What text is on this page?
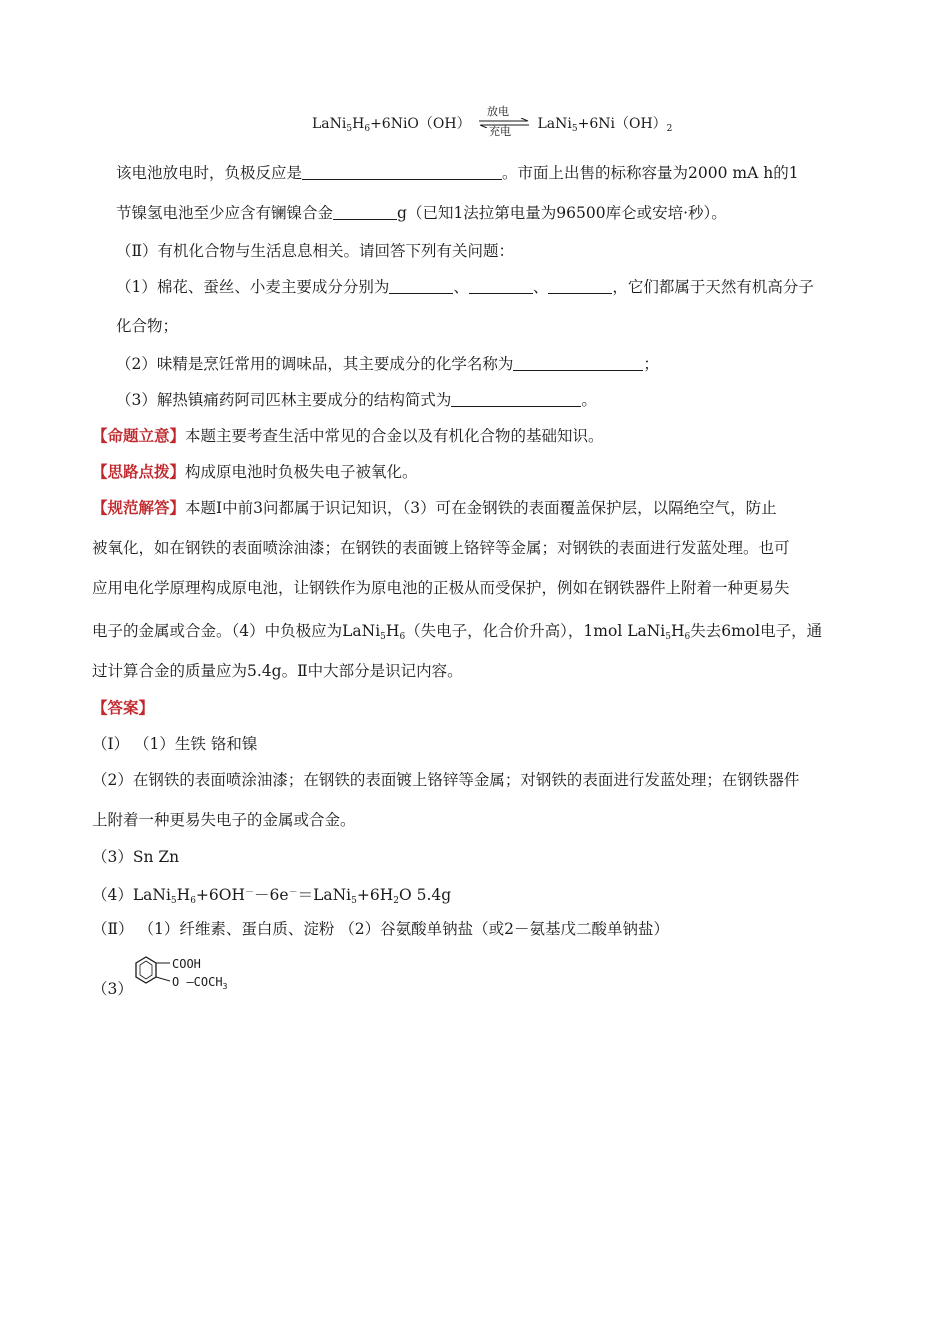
$LaNi_5H_6+6NiO(OH)$
放电
充电 $LaNi_5+6Ni(OH)_2$
该电池放电时，负极反应是	。市面上出售的标称容量为2000 mA h的1
节镍氢电池至少应含有镧镍合金	g（已知1法拉第电量为96500库仑或安培·秒）。
（Ⅱ）有机化合物与生活息息相关。请回答下列有关问题：
（1）棉花、蚕丝、小麦主要成分分别为	、	、	，它们都属于天然有机高分子
化合物；
（2）味精是烹饪常用的调味品，其主要成分的化学名称为	；
（3）解热镇痛药阿司匹林主要成分的结构简式为	。
【命题立意】本题主要考查生活中常见的合金以及有机化合物的基础知识。
【思路点拨】构成原电池时负极失电子被氧化。
【规范解答】本题Ⅰ中前3问都属于识记知识，（3）可在金钢铁的表面覆盖保护层，以隔绝空气，防止
被氧化，如在钢铁的表面喷涂油漆；在钢铁的表面镀上铬锌等金属；对钢铁的表面进行发蓝处理。也可
应用电化学原理构成原电池，让钢铁作为原电池的正极从而受保护，例如在钢铁器件上附着一种更易失
电子的金属或合金。（4）中负极应为$LaNi_5H_6$（失电子，化合价升高），1mol $LaNi_5H_6$失去6mol电子，通
过计算合金的质量应为5.4g。Ⅱ中大部分是识记内容。
【答案】
（Ⅰ） （1）生铁 铬和镍
（2）在钢铁的表面喷涂油漆；在钢铁的表面镀上铬锌等金属；对钢铁的表面进行发蓝处理；在钢铁器件
上附着一种更易失电子的金属或合金。
（3）Sn Zn
$(4)LaNi_5H_6+6OH^--6e^-=LaNi_5+6H_2O$ 5.4g
（Ⅱ） （1）纤维素、蛋白质、淀粉 （2）谷氨酸单钠盐（或2－氨基戊二酸单钠盐）
（3）
COOH
O $—COCH_3$
